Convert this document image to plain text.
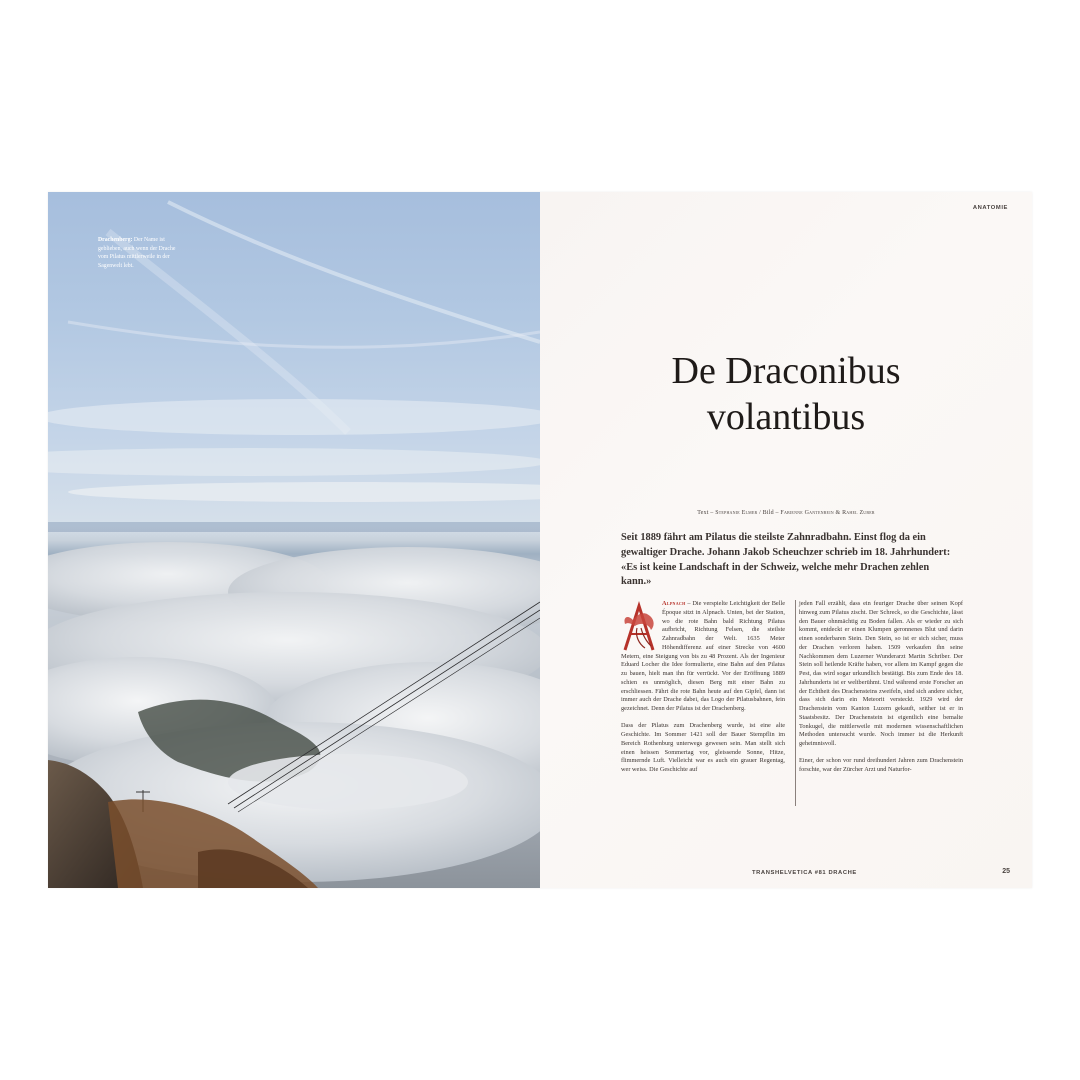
Drachenberg: Der Name ist geblieben, auch wenn der Drache vom Pilatus mittlerweile in der Sagenwelt lebt.
ANATOMIE
De Draconibus
volantibus
Text – Stephanie Elmer / Bild – Fabienne Gantenbein & Rahel Zuber
Seit 1889 fährt am Pilatus die steilste Zahnradbahn. Einst flog da ein gewaltiger Drache. Johann Jakob Scheuchzer schrieb im 18. Jahrhundert: «Es ist keine Landschaft in der Schweiz, welche mehr Drachen zehlen kann.»

Alpnach – Die verspielte Leichtigkeit der Belle Époque sitzt in Alpnach. Unten, bei der Station, wo die rote Bahn bald Richtung Pilatus aufbricht, Richtung Felsen, die steilste Zahnradbahn der Welt. 1635 Meter Höhendifferenz auf einer Strecke von 4600 Metern, eine Steigung von bis zu 48 Prozent. Als der Ingenieur Eduard Locher die Idee formulierte, eine Bahn auf den Pilatus zu bauen, hielt man ihn für verrückt. Vor der Eröffnung 1889 schien es unmöglich, diesen Berg mit einer Bahn zu erschliessen. Fährt die rote Bahn heute auf den Gipfel, dann ist immer auch der Drache dabei, das Logo der Pilatusbahnen, fein gezeichnet. Denn der Pilatus ist der Drachenberg.

Dass der Pilatus zum Drachenberg wurde, ist eine alte Geschichte. Im Sommer 1421 soll der Bauer Stempflin im Bereich Rothenburg unterwegs gewesen sein. Man stellt sich einen heissen Sommertag vor, gleissende Sonne, Hitze, flimmernde Luft. Vielleicht war es auch ein grauer Regentag, wer weiss. Die Geschichte auf

jeden Fall erzählt, dass ein feuriger Drache über seinen Kopf hinweg zum Pilatus zischt. Der Schreck, so die Geschichte, lässt den Bauer ohnmächtig zu Boden fallen. Als er wieder zu sich kommt, entdeckt er einen Klumpen geronnenes Blut und darin einen sonderbaren Stein. Den Stein, so ist er sich sicher, muss der Drachen verloren haben. 1509 verkaufen ihn seine Nachkommen dem Luzerner Wunderarzt Martin Schriber. Der Stein soll heilende Kräfte haben, vor allem im Kampf gegen die Pest, das wird sogar urkundlich bestätigt. Bis zum Ende des 18. Jahrhunderts ist er weltberühmt. Und während erste Forscher an der Echtheit des Drachensteins zweifeln, sind sich andere sicher, dass sich darin ein Meteorit versteckt. 1929 wird der Drachenstein vom Kanton Luzern gekauft, seither ist er in Staatsbesitz. Der Drachenstein ist eigentlich eine bemalte Tonkugel, die mittlerweile mit modernen wissenschaftlichen Methoden untersucht wurde. Noch immer ist die Herkunft geheimnisvoll.

Einer, der schon vor rund dreihundert Jahren zum Drachenstein forschte, war der Zürcher Arzt und Naturfor-

TRANSHELVETICA #81 DRACHE	25
